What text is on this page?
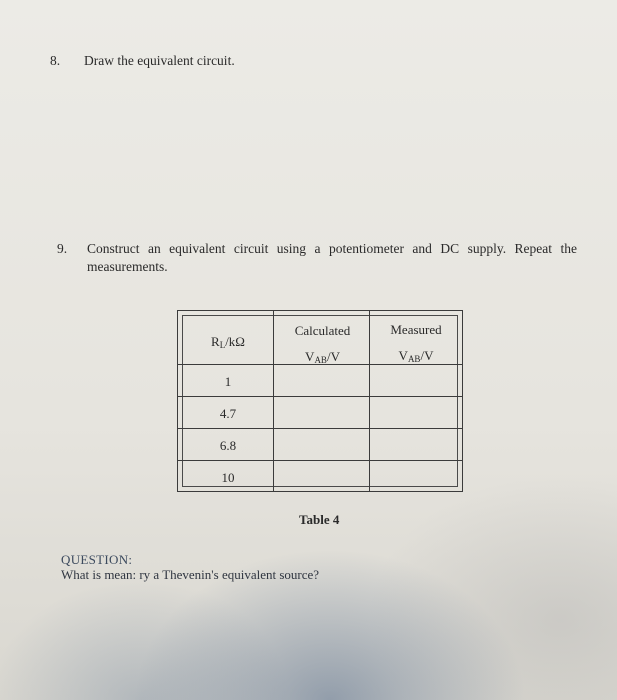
8. Draw the equivalent circuit.
9. Construct an equivalent circuit using a potentiometer and DC supply. Repeat the
measurements.
$R_L/k\Omega$
Calculated
$V_{AB}/V$
Measured
$V_{AB}/V$
1
4.7
6.8
10
Table 4
QUESTION:
What is mean: ry a Thevenin's equivalent source?
